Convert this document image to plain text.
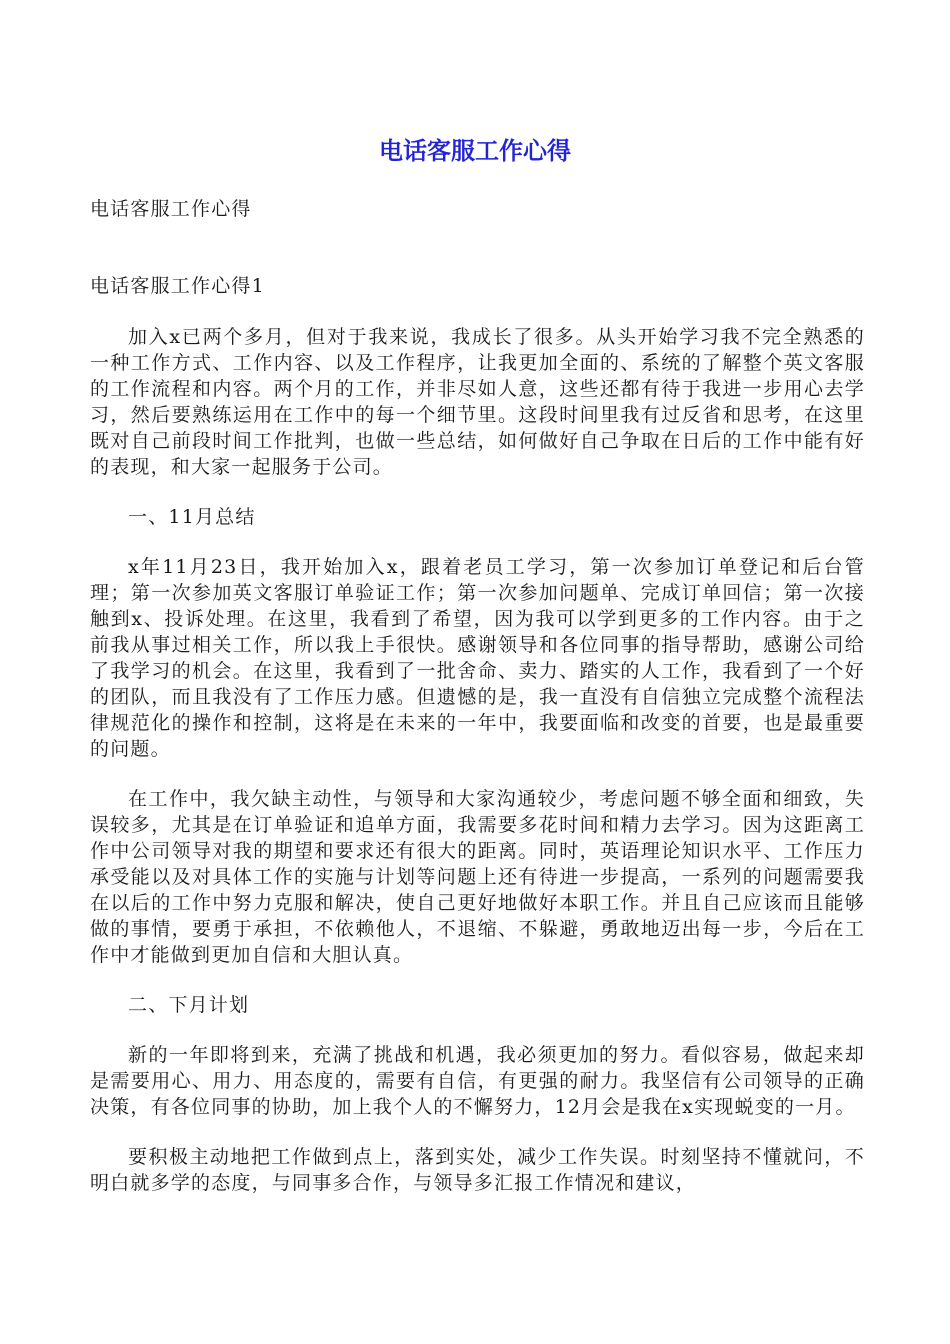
电话客服工作心得

电话客服工作心得

电话客服工作心得1

加入x已两个多月，但对于我来说，我成长了很多。从头开始学习我不完全熟悉的一种工作方式、工作内容、以及工作程序，让我更加全面的、系统的了解整个英文客服的工作流程和内容。两个月的工作，并非尽如人意，这些还都有待于我进一步用心去学习，然后要熟练运用在工作中的每一个细节里。这段时间里我有过反省和思考，在这里既对自己前段时间工作批判，也做一些总结，如何做好自己争取在日后的工作中能有好的表现，和大家一起服务于公司。

一、11月总结

x年11月23日，我开始加入x，跟着老员工学习，第一次参加订单登记和后台管理；第一次参加英文客服订单验证工作；第一次参加问题单、完成订单回信；第一次接触到x、投诉处理。在这里，我看到了希望，因为我可以学到更多的工作内容。由于之前我从事过相关工作，所以我上手很快。感谢领导和各位同事的指导帮助，感谢公司给了我学习的机会。在这里，我看到了一批舍命、卖力、踏实的人工作，我看到了一个好的团队，而且我没有了工作压力感。但遗憾的是，我一直没有自信独立完成整个流程法律规范化的操作和控制，这将是在未来的一年中，我要面临和改变的首要，也是最重要的问题。

在工作中，我欠缺主动性，与领导和大家沟通较少，考虑问题不够全面和细致，失误较多，尤其是在订单验证和追单方面，我需要多花时间和精力去学习。因为这距离工作中公司领导对我的期望和要求还有很大的距离。同时，英语理论知识水平、工作压力承受能以及对具体工作的实施与计划等问题上还有待进一步提高，一系列的问题需要我在以后的工作中努力克服和解决，使自己更好地做好本职工作。并且自己应该而且能够做的事情，要勇于承担，不依赖他人，不退缩、不躲避，勇敢地迈出每一步，今后在工作中才能做到更加自信和大胆认真。

二、下月计划

新的一年即将到来，充满了挑战和机遇，我必须更加的努力。看似容易，做起来却是需要用心、用力、用态度的，需要有自信，有更强的耐力。我坚信有公司领导的正确决策，有各位同事的协助，加上我个人的不懈努力，12月会是我在x实现蜕变的一月。

要积极主动地把工作做到点上，落到实处，减少工作失误。时刻坚持不懂就问，不明白就多学的态度，与同事多合作，与领导多汇报工作情况和建议，
